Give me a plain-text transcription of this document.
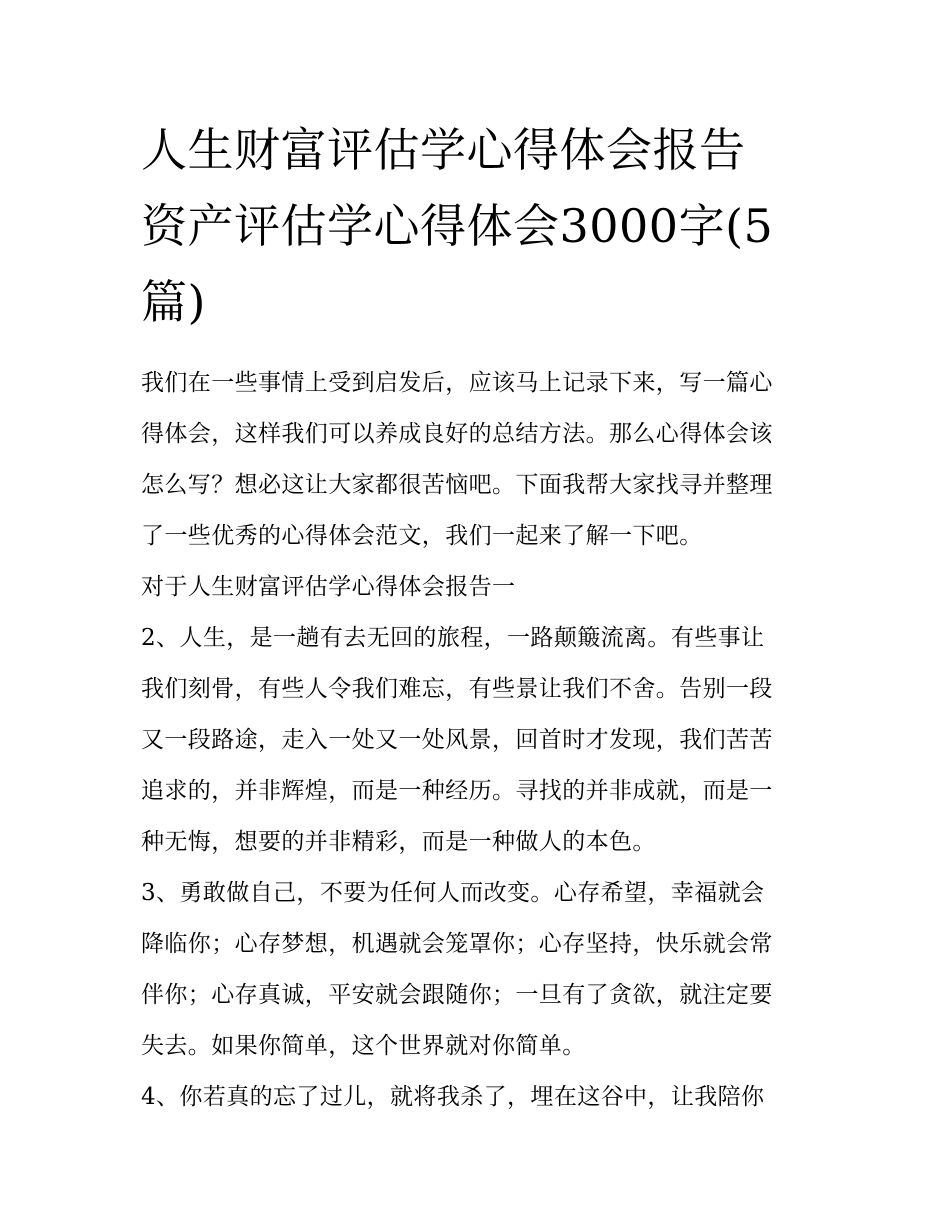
人生财富评估学心得体会报告
资产评估学心得体会3000字(5
篇)
我们在一些事情上受到启发后，应该马上记录下来，写一篇心
得体会，这样我们可以养成良好的总结方法。那么心得体会该
怎么写？想必这让大家都很苦恼吧。下面我帮大家找寻并整理
了一些优秀的心得体会范文，我们一起来了解一下吧。
对于人生财富评估学心得体会报告一
2、人生，是一趟有去无回的旅程，一路颠簸流离。有些事让
我们刻骨，有些人令我们难忘，有些景让我们不舍。告别一段
又一段路途，走入一处又一处风景，回首时才发现，我们苦苦
追求的，并非辉煌，而是一种经历。寻找的并非成就，而是一
种无悔，想要的并非精彩，而是一种做人的本色。
3、勇敢做自己，不要为任何人而改变。心存希望，幸福就会
降临你；心存梦想，机遇就会笼罩你；心存坚持，快乐就会常
伴你；心存真诚，平安就会跟随你；一旦有了贪欲，就注定要
失去。如果你简单，这个世界就对你简单。
4、你若真的忘了过儿，就将我杀了，埋在这谷中，让我陪你
